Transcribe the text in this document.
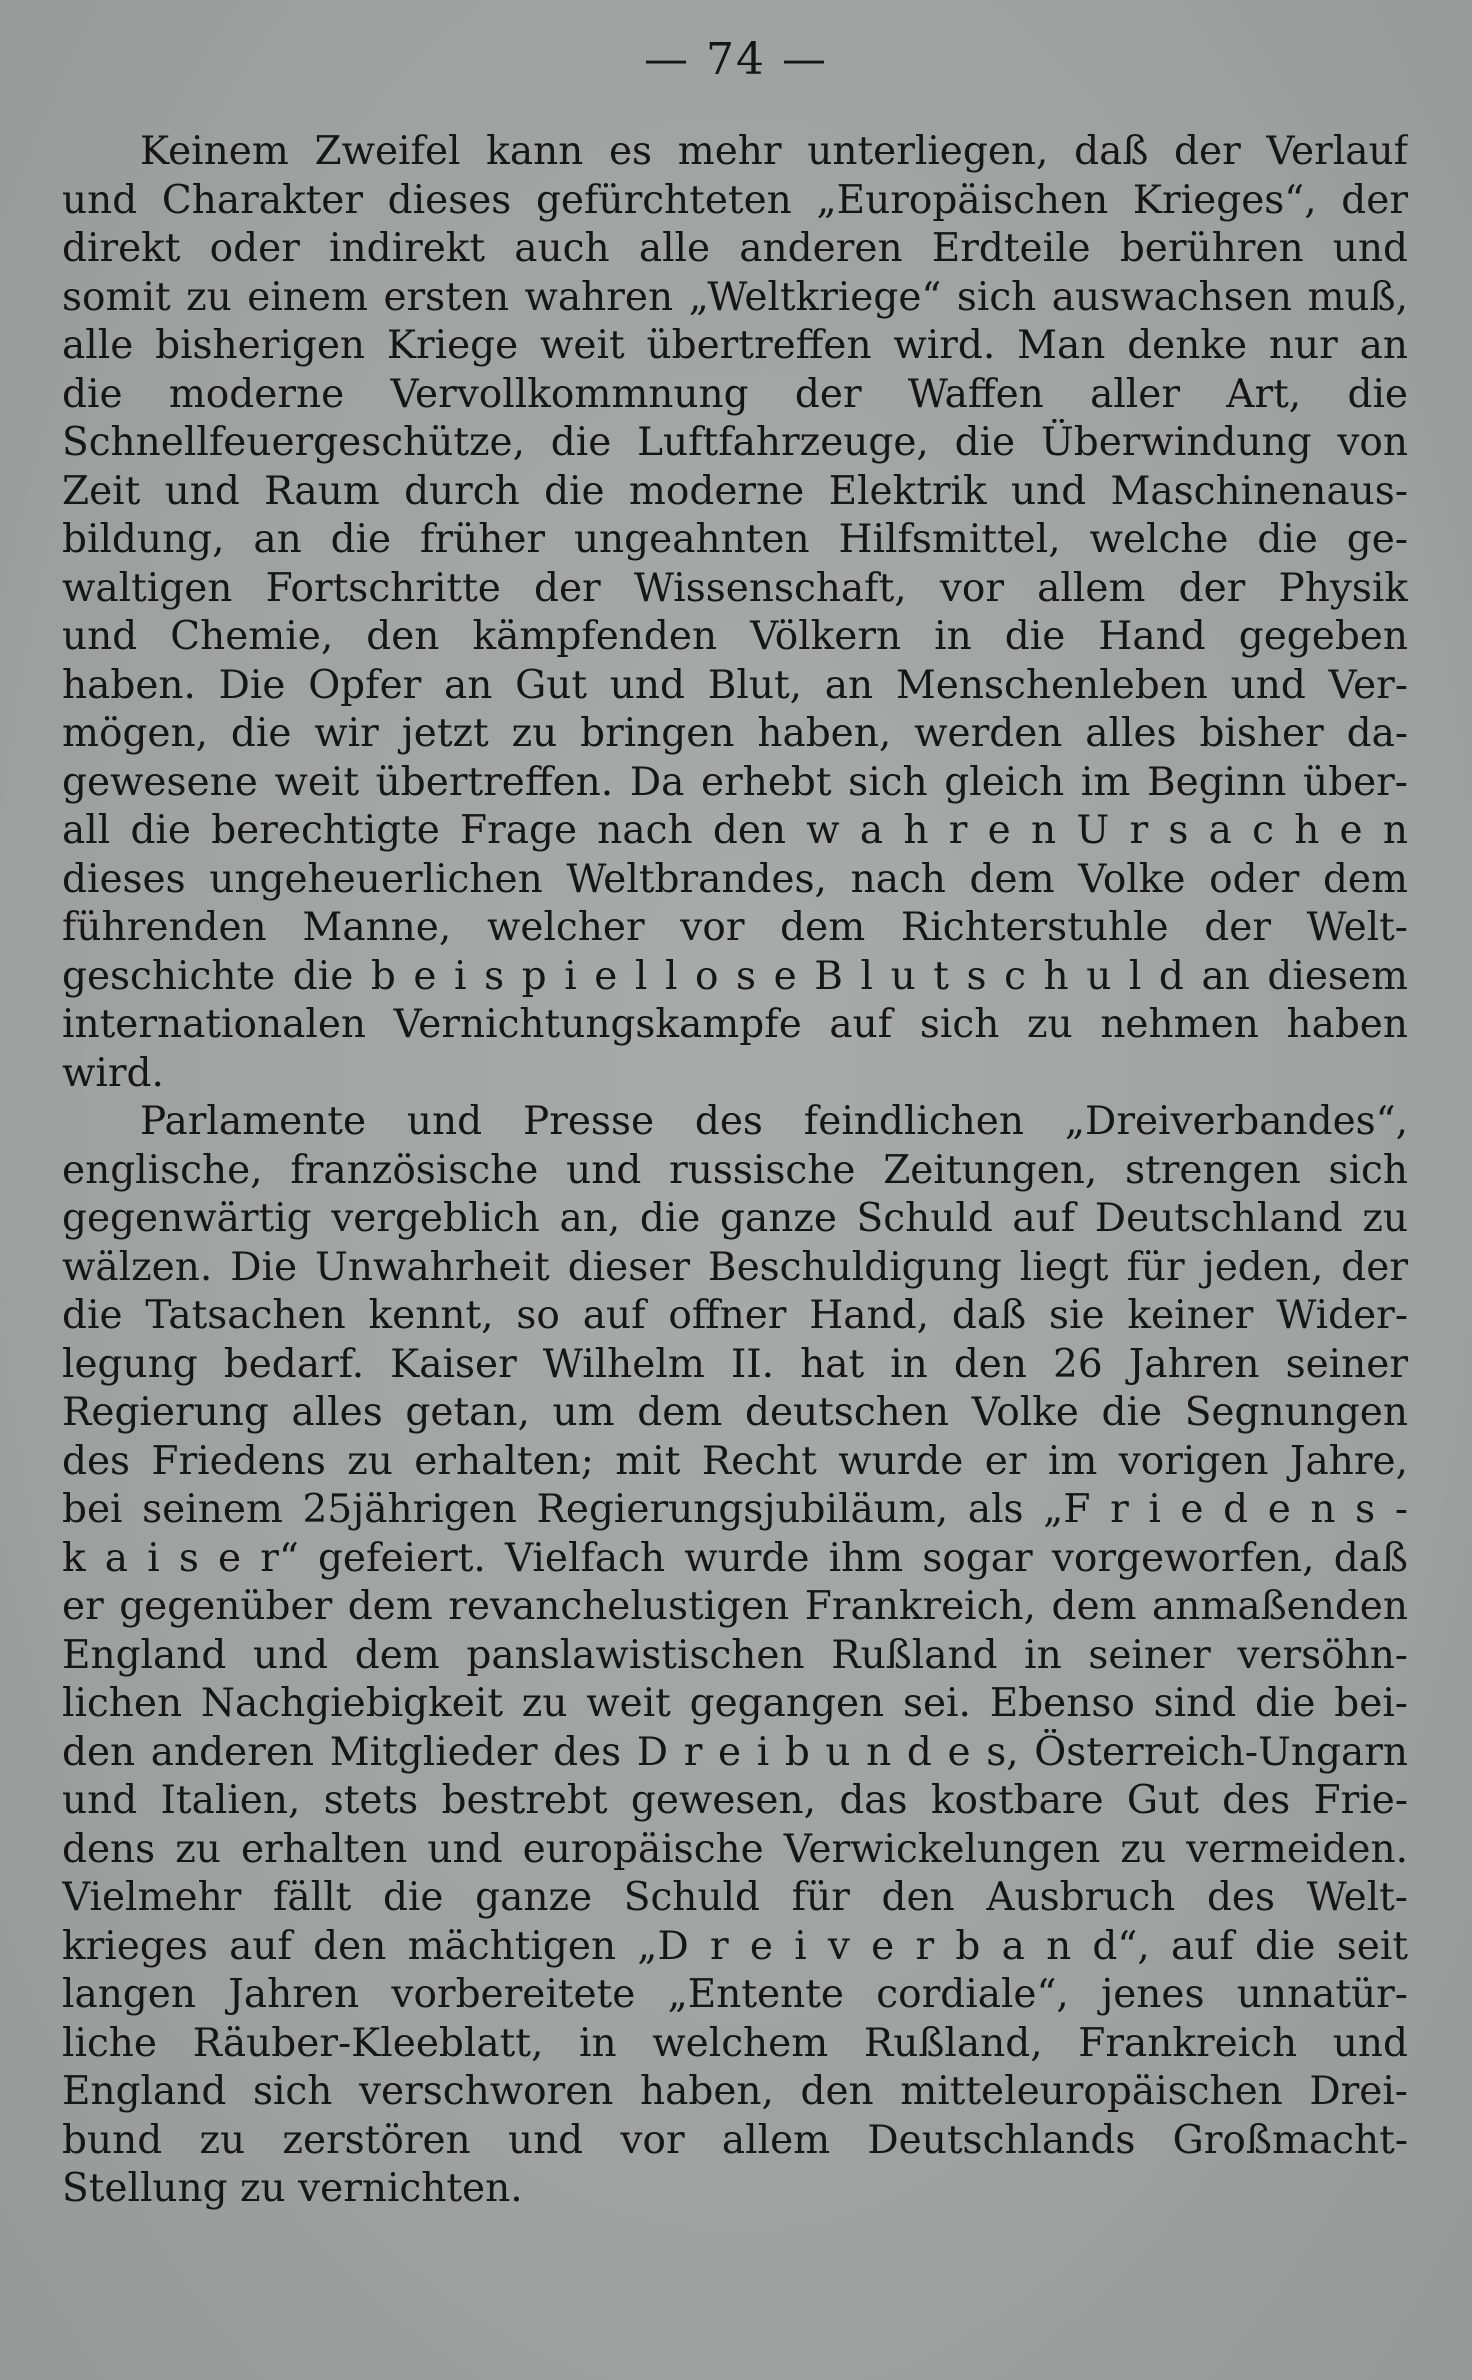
— 74 —
Keinem Zweifel kann es mehr unterliegen, daß der Verlauf
und Charakter dieses gefürchteten „Europäischen Krieges“, der
direkt oder indirekt auch alle anderen Erdteile berühren und
somit zu einem ersten wahren „Weltkriege“ sich auswachsen muß,
alle bisherigen Kriege weit übertreffen wird. Man denke nur an
die moderne Vervollkommnung der Waffen aller Art, die
Schnellfeuergeschütze, die Luftfahrzeuge, die Überwindung von
Zeit und Raum durch die moderne Elektrik und Maschinenaus-
bildung, an die früher ungeahnten Hilfsmittel, welche die ge-
waltigen Fortschritte der Wissenschaft, vor allem der Physik
und Chemie, den kämpfenden Völkern in die Hand gegeben
haben. Die Opfer an Gut und Blut, an Menschenleben und Ver-
mögen, die wir jetzt zu bringen haben, werden alles bisher da-
gewesene weit übertreffen. Da erhebt sich gleich im Beginn über-
all die berechtigte Frage nach den w a h r e n U r s a c h e n
dieses ungeheuerlichen Weltbrandes, nach dem Volke oder dem
führenden Manne, welcher vor dem Richterstuhle der Welt-
geschichte die b e i s p i e l l o s e B l u t s c h u l d an diesem
internationalen Vernichtungskampfe auf sich zu nehmen haben
wird.
Parlamente und Presse des feindlichen „Dreiverbandes“,
englische, französische und russische Zeitungen, strengen sich
gegenwärtig vergeblich an, die ganze Schuld auf Deutschland zu
wälzen. Die Unwahrheit dieser Beschuldigung liegt für jeden, der
die Tatsachen kennt, so auf offner Hand, daß sie keiner Wider-
legung bedarf. Kaiser Wilhelm II. hat in den 26 Jahren seiner
Regierung alles getan, um dem deutschen Volke die Segnungen
des Friedens zu erhalten; mit Recht wurde er im vorigen Jahre,
bei seinem 25jährigen Regierungsjubiläum, als „F r i e d e n s -
k a i s e r“ gefeiert. Vielfach wurde ihm sogar vorgeworfen, daß
er gegenüber dem revanchelustigen Frankreich, dem anmaßenden
England und dem panslawistischen Rußland in seiner versöhn-
lichen Nachgiebigkeit zu weit gegangen sei. Ebenso sind die bei-
den anderen Mitglieder des D r e i b u n d e s, Österreich-Ungarn
und Italien, stets bestrebt gewesen, das kostbare Gut des Frie-
dens zu erhalten und europäische Verwickelungen zu vermeiden.
Vielmehr fällt die ganze Schuld für den Ausbruch des Welt-
krieges auf den mächtigen „D r e i v e r b a n d“, auf die seit
langen Jahren vorbereitete „Entente cordiale“, jenes unnatür-
liche Räuber-Kleeblatt, in welchem Rußland, Frankreich und
England sich verschworen haben, den mitteleuropäischen Drei-
bund zu zerstören und vor allem Deutschlands Großmacht-
Stellung zu vernichten.
